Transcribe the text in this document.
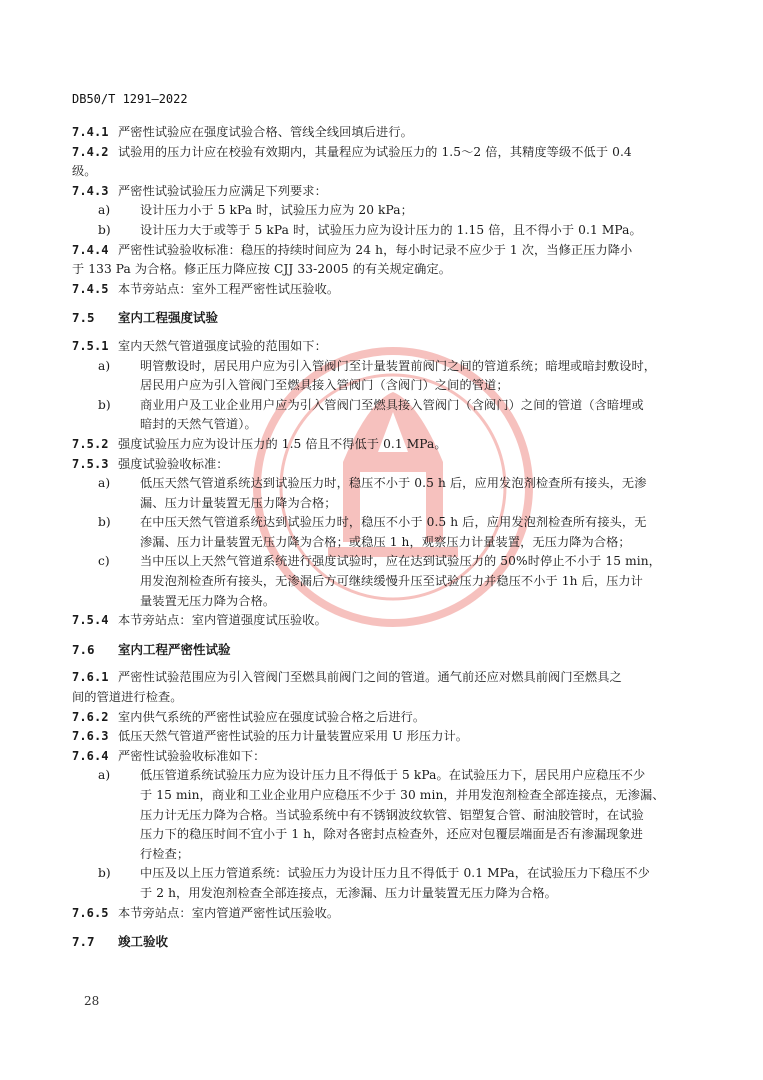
DB50/T 1291—2022
7.4.1 严密性试验应在强度试验合格、管线全线回填后进行。
7.4.2 试验用的压力计应在校验有效期内，其量程应为试验压力的 1.5～2 倍，其精度等级不低于 0.4
级。
7.4.3 严密性试验试验压力应满足下列要求：
a) 设计压力小于 5 kPa 时，试验压力应为 20 kPa；
b) 设计压力大于或等于 5 kPa 时，试验压力应为设计压力的 1.15 倍，且不得小于 0.1 MPa。
7.4.4 严密性试验验收标准：稳压的持续时间应为 24 h，每小时记录不应少于 1 次，当修正压力降小
于 133 Pa 为合格。修正压力降应按 CJJ 33-2005 的有关规定确定。
7.4.5 本节旁站点：室外工程严密性试压验收。
7.5 室内工程强度试验
7.5.1 室内天然气管道强度试验的范围如下：
a) 明管敷设时，居民用户应为引入管阀门至计量装置前阀门之间的管道系统；暗埋或暗封敷设时，
居民用户应为引入管阀门至燃具接入管阀门（含阀门）之间的管道；
b) 商业用户及工业企业用户应为引入管阀门至燃具接入管阀门（含阀门）之间的管道（含暗埋或
暗封的天然气管道）。
7.5.2 强度试验压力应为设计压力的 1.5 倍且不得低于 0.1 MPa。
7.5.3 强度试验验收标准：
a) 低压天然气管道系统达到试验压力时，稳压不小于 0.5 h 后，应用发泡剂检查所有接头，无渗
漏、压力计量装置无压力降为合格；
b) 在中压天然气管道系统达到试验压力时，稳压不小于 0.5 h 后，应用发泡剂检查所有接头，无
渗漏、压力计量装置无压力降为合格；或稳压 1 h，观察压力计量装置，无压力降为合格；
c) 当中压以上天然气管道系统进行强度试验时，应在达到试验压力的 50%时停止不小于 15 min，
用发泡剂检查所有接头，无渗漏后方可继续缓慢升压至试验压力并稳压不小于 1h 后，压力计
量装置无压力降为合格。
7.5.4 本节旁站点：室内管道强度试压验收。
7.6 室内工程严密性试验
7.6.1 严密性试验范围应为引入管阀门至燃具前阀门之间的管道。通气前还应对燃具前阀门至燃具之
间的管道进行检查。
7.6.2 室内供气系统的严密性试验应在强度试验合格之后进行。
7.6.3 低压天然气管道严密性试验的压力计量装置应采用 U 形压力计。
7.6.4 严密性试验验收标准如下：
a) 低压管道系统试验压力应为设计压力且不得低于 5 kPa。在试验压力下，居民用户应稳压不少
于 15 min，商业和工业企业用户应稳压不少于 30 min，并用发泡剂检查全部连接点，无渗漏、
压力计无压力降为合格。当试验系统中有不锈钢波纹软管、铝塑复合管、耐油胶管时，在试验
压力下的稳压时间不宜小于 1 h，除对各密封点检查外，还应对包覆层端面是否有渗漏现象进
行检查；
b) 中压及以上压力管道系统：试验压力为设计压力且不得低于 0.1 MPa，在试验压力下稳压不少
于 2 h，用发泡剂检查全部连接点，无渗漏、压力计量装置无压力降为合格。
7.6.5 本节旁站点：室内管道严密性试压验收。
7.7 竣工验收
28
